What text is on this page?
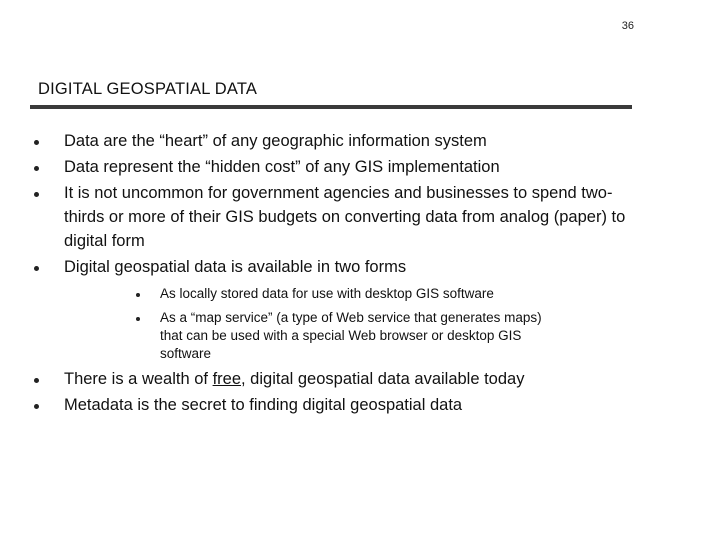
36
DIGITAL GEOSPATIAL DATA
Data are the “heart” of any geographic information system
Data represent the “hidden cost” of any GIS implementation
It is not uncommon for government agencies and businesses to spend two-thirds or more of their GIS budgets on converting data from analog (paper) to digital form
Digital geospatial data is available in two forms
As locally stored data for use with desktop GIS software
As a “map service” (a type of Web service that generates maps) that can be used with a special Web browser or desktop GIS software
There is a wealth of free, digital geospatial data available today
Metadata is the secret to finding digital geospatial data
